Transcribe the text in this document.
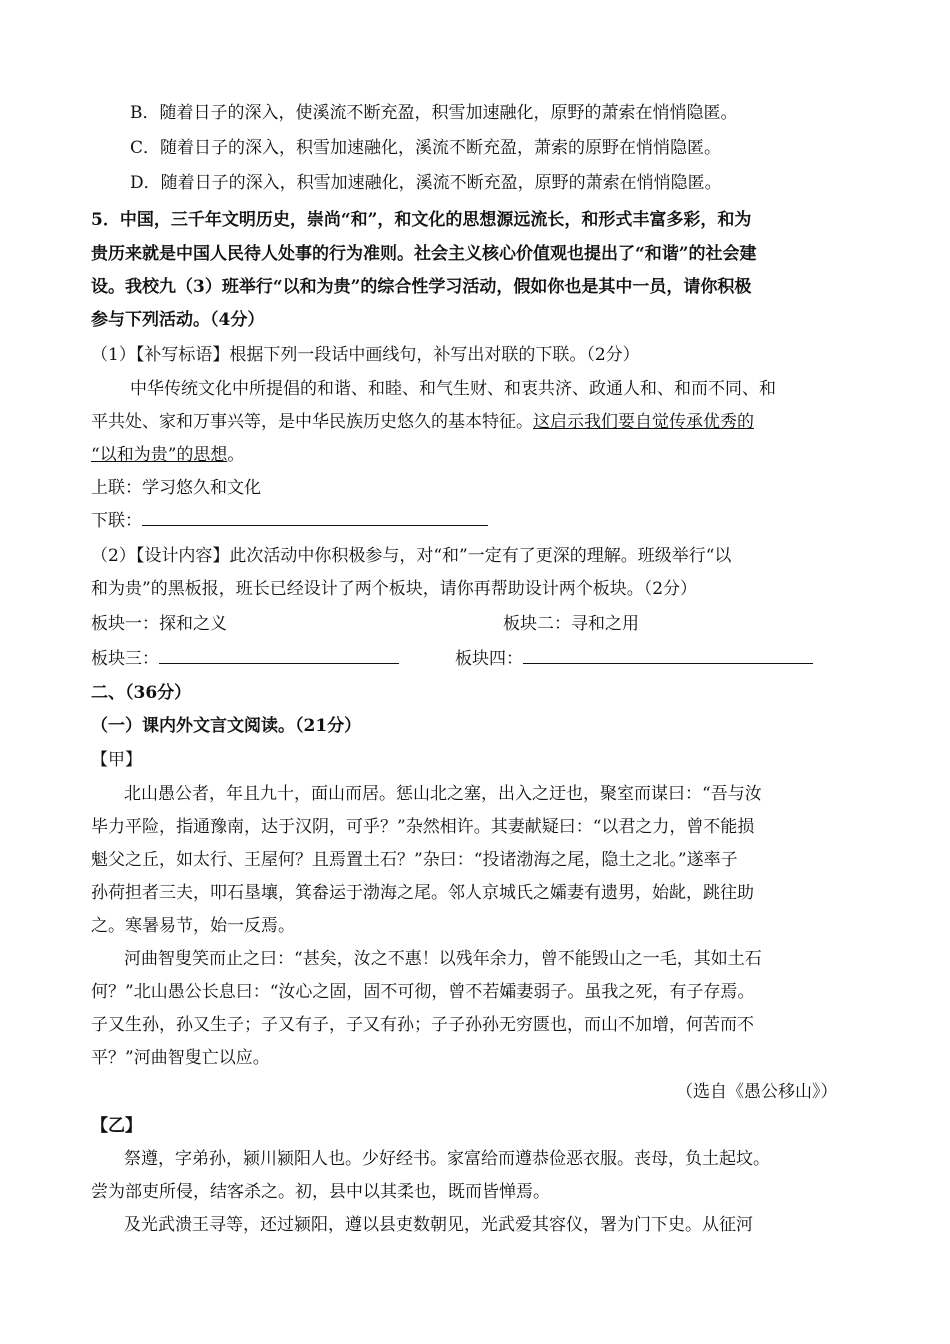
B．随着日子的深入，使溪流不断充盈，积雪加速融化，原野的萧索在悄悄隐匿。
C．随着日子的深入，积雪加速融化，溪流不断充盈，萧索的原野在悄悄隐匿。
D．随着日子的深入，积雪加速融化，溪流不断充盈，原野的萧索在悄悄隐匿。
5．中国，三千年文明历史，崇尚“和”，和文化的思想源远流长，和形式丰富多彩，和为
贵历来就是中国人民待人处事的行为准则。社会主义核心价值观也提出了“和谐”的社会建
设。我校九（3）班举行“以和为贵”的综合性学习活动，假如你也是其中一员，请你积极
参与下列活动。（4分）
（1）【补写标语】根据下列一段话中画线句，补写出对联的下联。（2分）
中华传统文化中所提倡的和谐、和睦、和气生财、和衷共济、政通人和、和而不同、和
平共处、家和万事兴等，是中华民族历史悠久的基本特征。这启示我们要自觉传承优秀的
“以和为贵”的思想。
上联：学习悠久和文化
下联：
（2）【设计内容】此次活动中你积极参与，对“和”一定有了更深的理解。班级举行“以
和为贵”的黑板报，班长已经设计了两个板块，请你再帮助设计两个板块。（2分）
板块一：探和之义	板块二：寻和之用
板块三：	板块四：
二、（36分）
（一）课内外文言文阅读。（21分）
【甲】
北山愚公者，年且九十，面山而居。惩山北之塞，出入之迂也，聚室而谋曰：“吾与汝
毕力平险，指通豫南，达于汉阴，可乎？”杂然相许。其妻献疑曰：“以君之力，曾不能损
魁父之丘，如太行、王屋何？且焉置土石？”杂曰：“投诸渤海之尾，隐土之北。”遂率子
孙荷担者三夫，叩石垦壤，箕畚运于渤海之尾。邻人京城氏之孀妻有遗男，始龀，跳往助
之。寒暑易节，始一反焉。
河曲智叟笑而止之曰：“甚矣，汝之不惠！以残年余力，曾不能毁山之一毛，其如土石
何？”北山愚公长息曰：“汝心之固，固不可彻，曾不若孀妻弱子。虽我之死，有子存焉。
子又生孙，孙又生子；子又有子，子又有孙；子子孙孙无穷匮也，而山不加增，何苦而不
平？”河曲智叟亡以应。
（选自《愚公移山》）
【乙】
祭遵，字弟孙，颍川颍阳人也。少好经书。家富给而遵恭俭恶衣服。丧母，负土起坟。
尝为部吏所侵，结客杀之。初，县中以其柔也，既而皆惮焉。
及光武溃王寻等，还过颍阳，遵以县吏数朝见，光武爱其容仪，署为门下史。从征河
